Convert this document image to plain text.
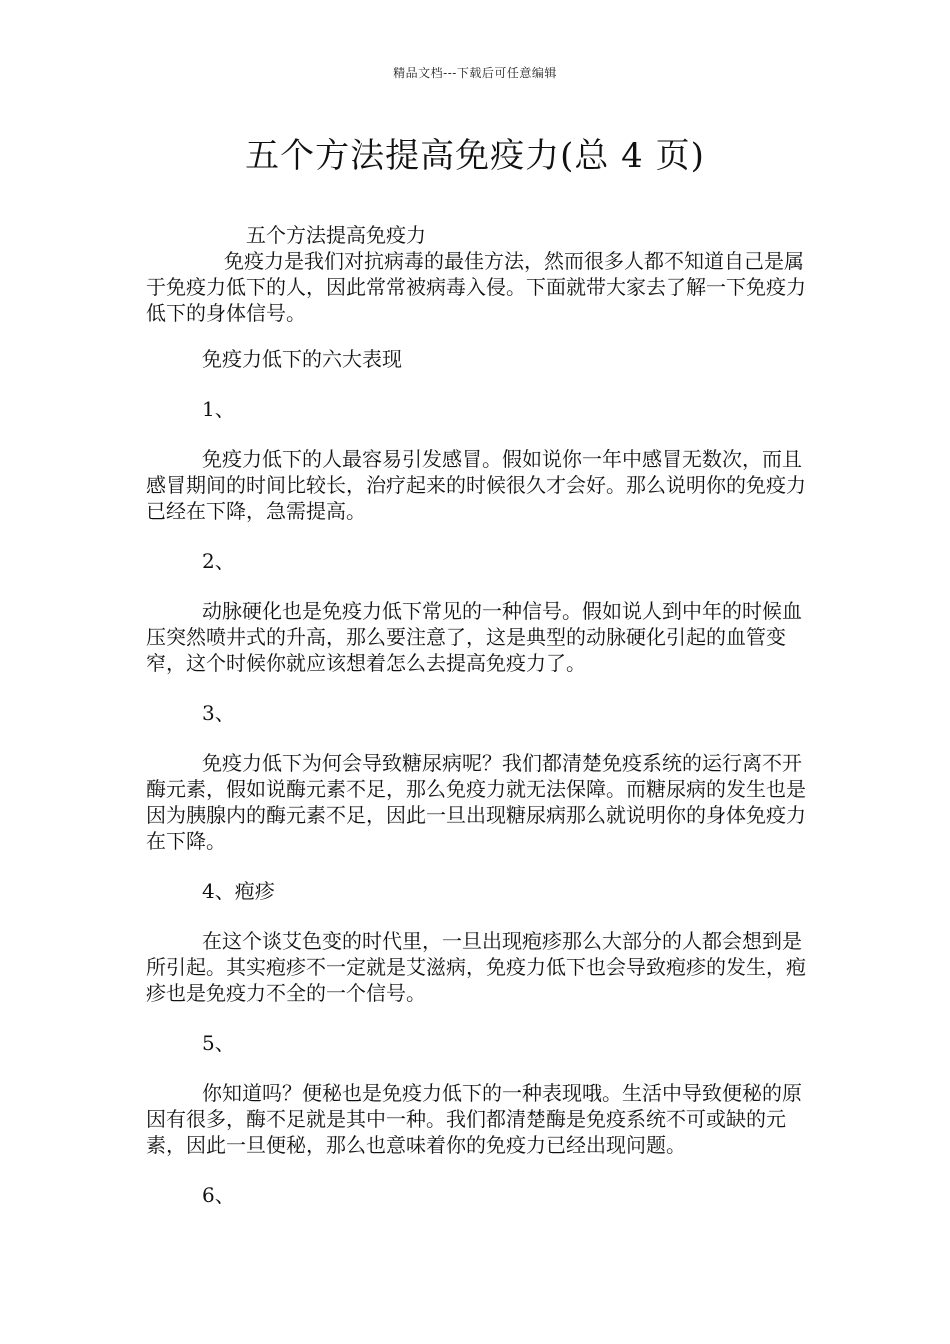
精品文档---下载后可任意编辑
五个方法提高免疫力(总 4 页)

五个方法提高免疫力

免疫力是我们对抗病毒的最佳方法，然而很多人都不知道自己是属于免疫力低下的人，因此常常被病毒入侵。下面就带大家去了解一下免疫力低下的身体信号。

免疫力低下的六大表现

1、

免疫力低下的人最容易引发感冒。假如说你一年中感冒无数次，而且感冒期间的时间比较长，治疗起来的时候很久才会好。那么说明你的免疫力已经在下降，急需提高。

2、

动脉硬化也是免疫力低下常见的一种信号。假如说人到中年的时候血压突然喷井式的升高，那么要注意了，这是典型的动脉硬化引起的血管变窄，这个时候你就应该想着怎么去提高免疫力了。

3、

免疫力低下为何会导致糖尿病呢？我们都清楚免疫系统的运行离不开酶元素，假如说酶元素不足，那么免疫力就无法保障。而糖尿病的发生也是因为胰腺内的酶元素不足，因此一旦出现糖尿病那么就说明你的身体免疫力在下降。

4、疱疹

在这个谈艾色变的时代里，一旦出现疱疹那么大部分的人都会想到是所引起。其实疱疹不一定就是艾滋病，免疫力低下也会导致疱疹的发生，疱疹也是免疫力不全的一个信号。

5、

你知道吗？便秘也是免疫力低下的一种表现哦。生活中导致便秘的原因有很多，酶不足就是其中一种。我们都清楚酶是免疫系统不可或缺的元素，因此一旦便秘，那么也意味着你的免疫力已经出现问题。

6、
